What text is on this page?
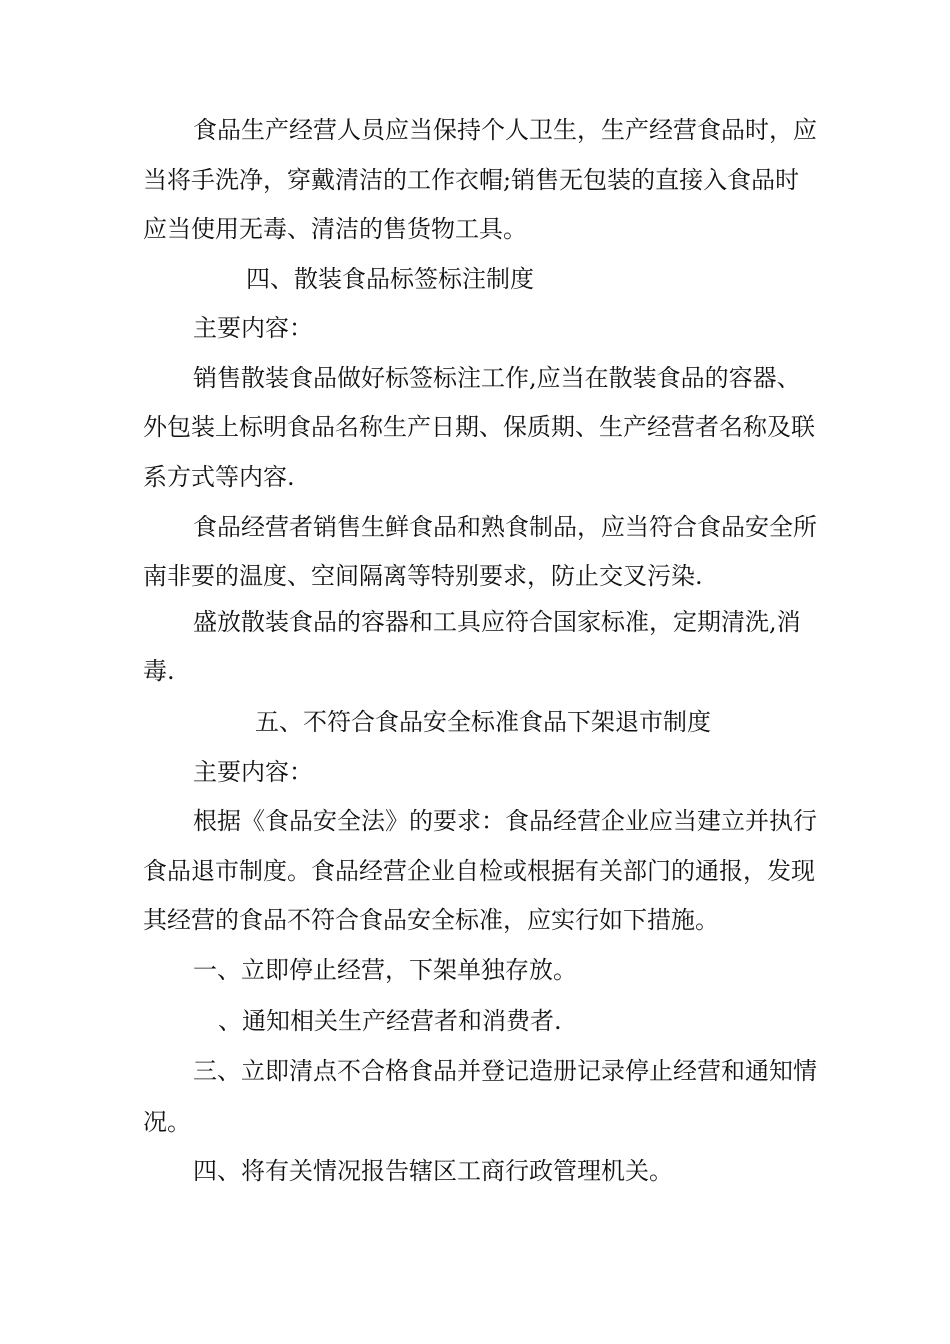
食品生产经营人员应当保持个人卫生，生产经营食品时，应
当将手洗净，穿戴清洁的工作衣帽;销售无包装的直接入食品时
应当使用无毒、清洁的售货物工具。
四、散装食品标签标注制度
主要内容：
销售散装食品做好标签标注工作,应当在散装食品的容器、
外包装上标明食品名称生产日期、保质期、生产经营者名称及联
系方式等内容.
食品经营者销售生鲜食品和熟食制品，应当符合食品安全所
南非要的温度、空间隔离等特别要求，防止交叉污染.
盛放散装食品的容器和工具应符合国家标准，定期清洗,消
毒.
五、不符合食品安全标准食品下架退市制度
主要内容：
根据《食品安全法》的要求：食品经营企业应当建立并执行
食品退市制度。食品经营企业自检或根据有关部门的通报，发现
其经营的食品不符合食品安全标准，应实行如下措施。
一、立即停止经营，下架单独存放。
、通知相关生产经营者和消费者.
三、立即清点不合格食品并登记造册记录停止经营和通知情
况。
四、将有关情况报告辖区工商行政管理机关。
